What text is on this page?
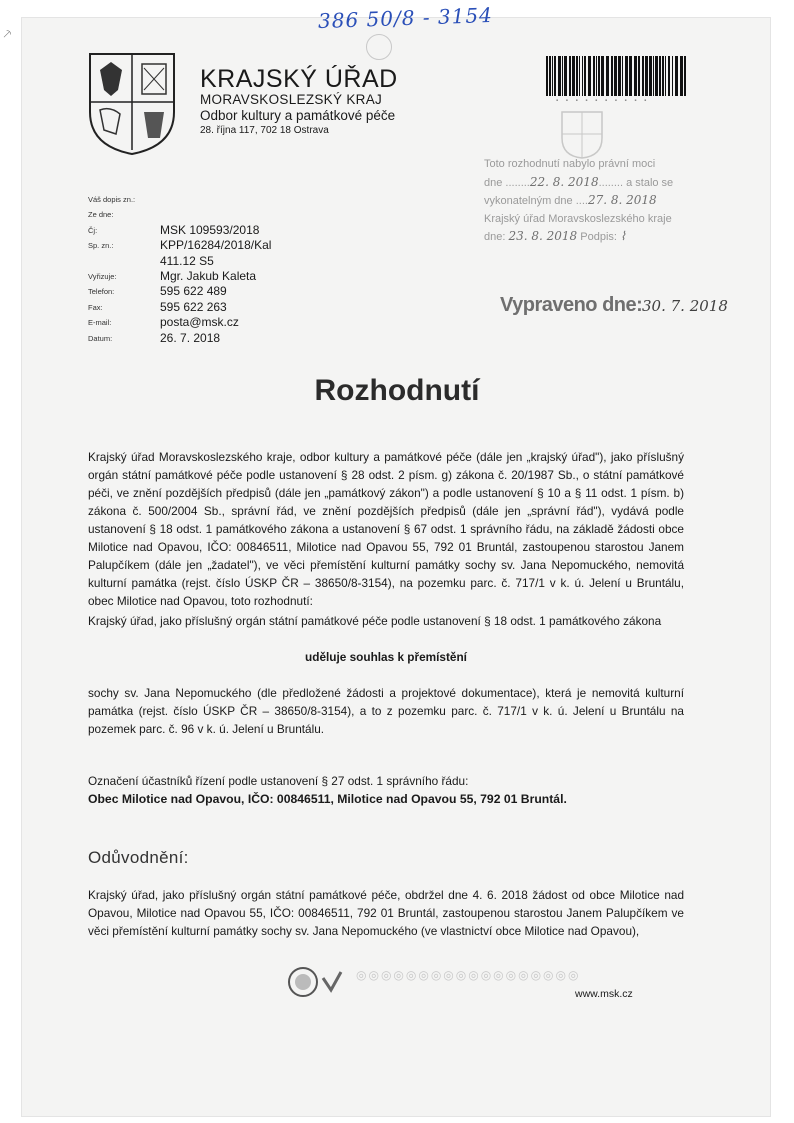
⸕	386 50/8 - 3154
KRAJSKÝ ÚŘAD
MORAVSKOSLEZSKÝ KRAJ
Odbor kultury a památkové péče
28. října 117, 702 18 Ostrava
▪ ▪ ▪ ▪ ▪ ▪ ▪ ▪ ▪ ▪
Toto rozhodnutí nabylo právní moci
dne ........22. 8. 2018........ a stalo se
vykonatelným dne ....27. 8. 2018
Krajský úřad Moravskoslezského kraje
dne: 23. 8. 2018 Podpis: ⌇
Váš dopis zn.:
Ze dne:
Čj:	MSK 109593/2018
Sp. zn.:	KPP/16284/2018/Kal
411.12 S5
Vyřizuje:	Mgr. Jakub Kaleta
Telefon:	595 622 489
Fax:	595 622 263
E-mail:	posta@msk.cz
Datum:	26. 7. 2018
Vypraveno dne: 30. 7. 2018
Rozhodnutí
Krajský úřad Moravskoslezského kraje, odbor kultury a památkové péče (dále jen „krajský úřad"), jako příslušný orgán státní památkové péče podle ustanovení § 28 odst. 2 písm. g) zákona č. 20/1987 Sb., o státní památkové péči, ve znění pozdějších předpisů (dále jen „památkový zákon") a podle ustanovení § 10 a § 11 odst. 1 písm. b) zákona č. 500/2004 Sb., správní řád, ve znění pozdějších předpisů (dále jen „správní řád"), vydává podle ustanovení § 18 odst. 1 památkového zákona a ustanovení § 67 odst. 1 správního řádu, na základě žádosti obce Milotice nad Opavou, IČO: 00846511, Milotice nad Opavou 55, 792 01 Bruntál, zastoupenou starostou Janem Palupčíkem (dále jen „žadatel"), ve věci přemístění kulturní památky sochy sv. Jana Nepomuckého, nemovitá kulturní památka (rejst. číslo ÚSKP ČR – 38650/8-3154), na pozemku parc. č. 717/1 v k. ú. Jelení u Bruntálu, obec Milotice nad Opavou, toto rozhodnutí:
Krajský úřad, jako příslušný orgán státní památkové péče podle ustanovení § 18 odst. 1 památkového zákona
uděluje souhlas k přemístění
sochy sv. Jana Nepomuckého (dle předložené žádosti a projektové dokumentace), která je nemovitá kulturní památka (rejst. číslo ÚSKP ČR – 38650/8-3154), a to z pozemku parc. č. 717/1 v k. ú. Jelení u Bruntálu na pozemek parc. č. 96 v k. ú. Jelení u Bruntálu.
Označení účastníků řízení podle ustanovení § 27 odst. 1 správního řádu:
Obec Milotice nad Opavou, IČO: 00846511, Milotice nad Opavou 55, 792 01 Bruntál.
Odůvodnění:
Krajský úřad, jako příslušný orgán státní památkové péče, obdržel dne 4. 6. 2018 žádost od obce Milotice nad Opavou, Milotice nad Opavou 55, IČO: 00846511, 792 01 Bruntál, zastoupenou starostou Janem Palupčíkem ve věci přemístění kulturní památky sochy sv. Jana Nepomuckého (ve vlastnictví obce Milotice nad Opavou),
◎◎◎◎◎◎◎◎◎◎◎◎◎◎◎◎◎◎
www.msk.cz
